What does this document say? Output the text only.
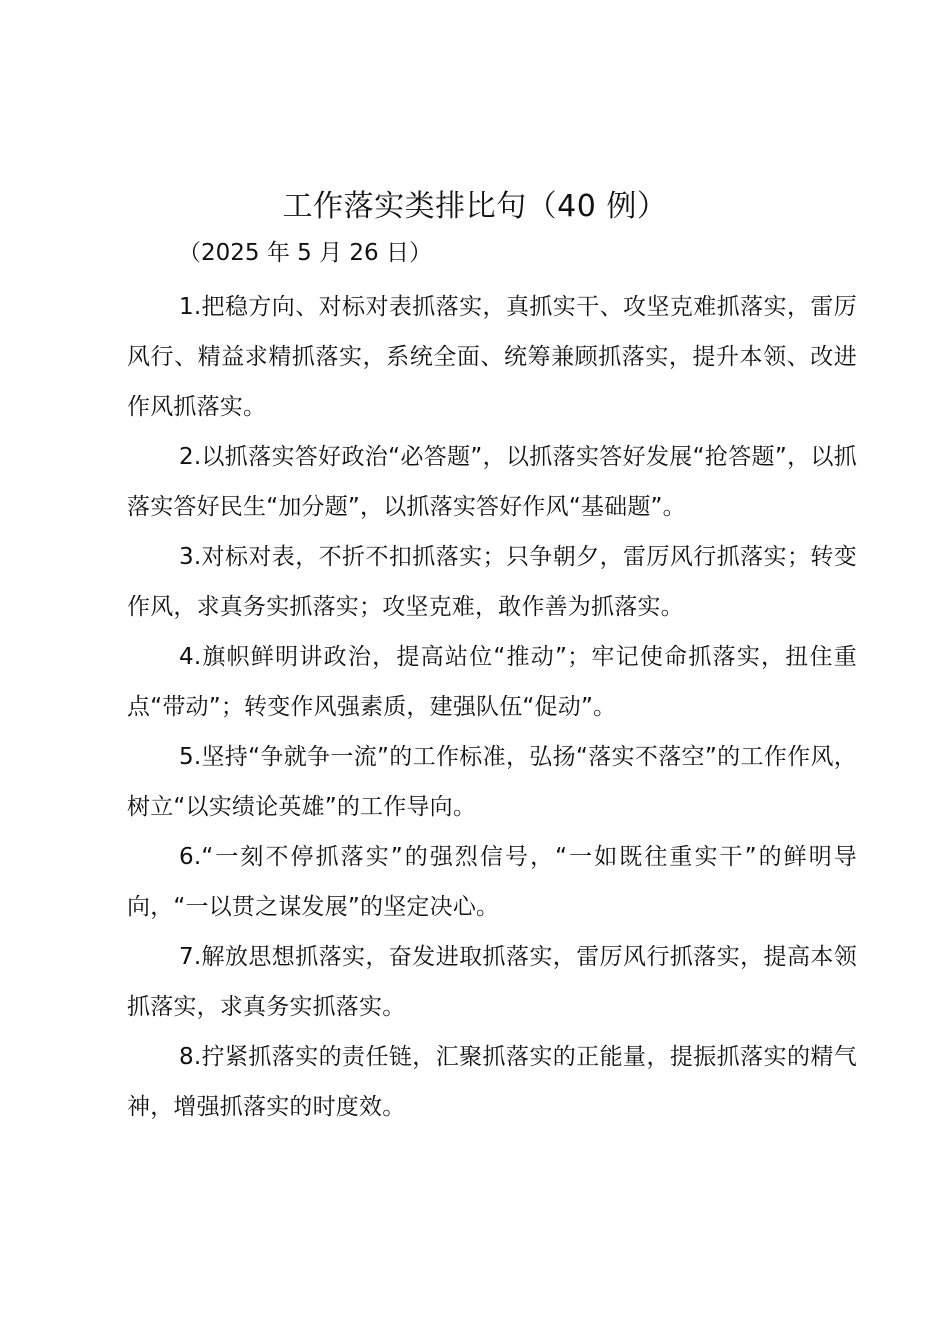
工作落实类排比句（40 例）

（2025 年 5 月 26 日）

1.把稳方向、对标对表抓落实，真抓实干、攻坚克难抓落实，雷厉风行、精益求精抓落实，系统全面、统筹兼顾抓落实，提升本领、改进作风抓落实。

2.以抓落实答好政治“必答题”，以抓落实答好发展“抢答题”，以抓落实答好民生“加分题”，以抓落实答好作风“基础题”。

3.对标对表，不折不扣抓落实；只争朝夕，雷厉风行抓落实；转变作风，求真务实抓落实；攻坚克难，敢作善为抓落实。

4.旗帜鲜明讲政治，提高站位“推动”；牢记使命抓落实，扭住重点“带动”；转变作风强素质，建强队伍“促动”。

5.坚持“争就争一流”的工作标准，弘扬“落实不落空”的工作作风，树立“以实绩论英雄”的工作导向。

6.“一刻不停抓落实”的强烈信号，“一如既往重实干”的鲜明导向，“一以贯之谋发展”的坚定决心。

7.解放思想抓落实，奋发进取抓落实，雷厉风行抓落实，提高本领抓落实，求真务实抓落实。

8.拧紧抓落实的责任链，汇聚抓落实的正能量，提振抓落实的精气神，增强抓落实的时度效。
